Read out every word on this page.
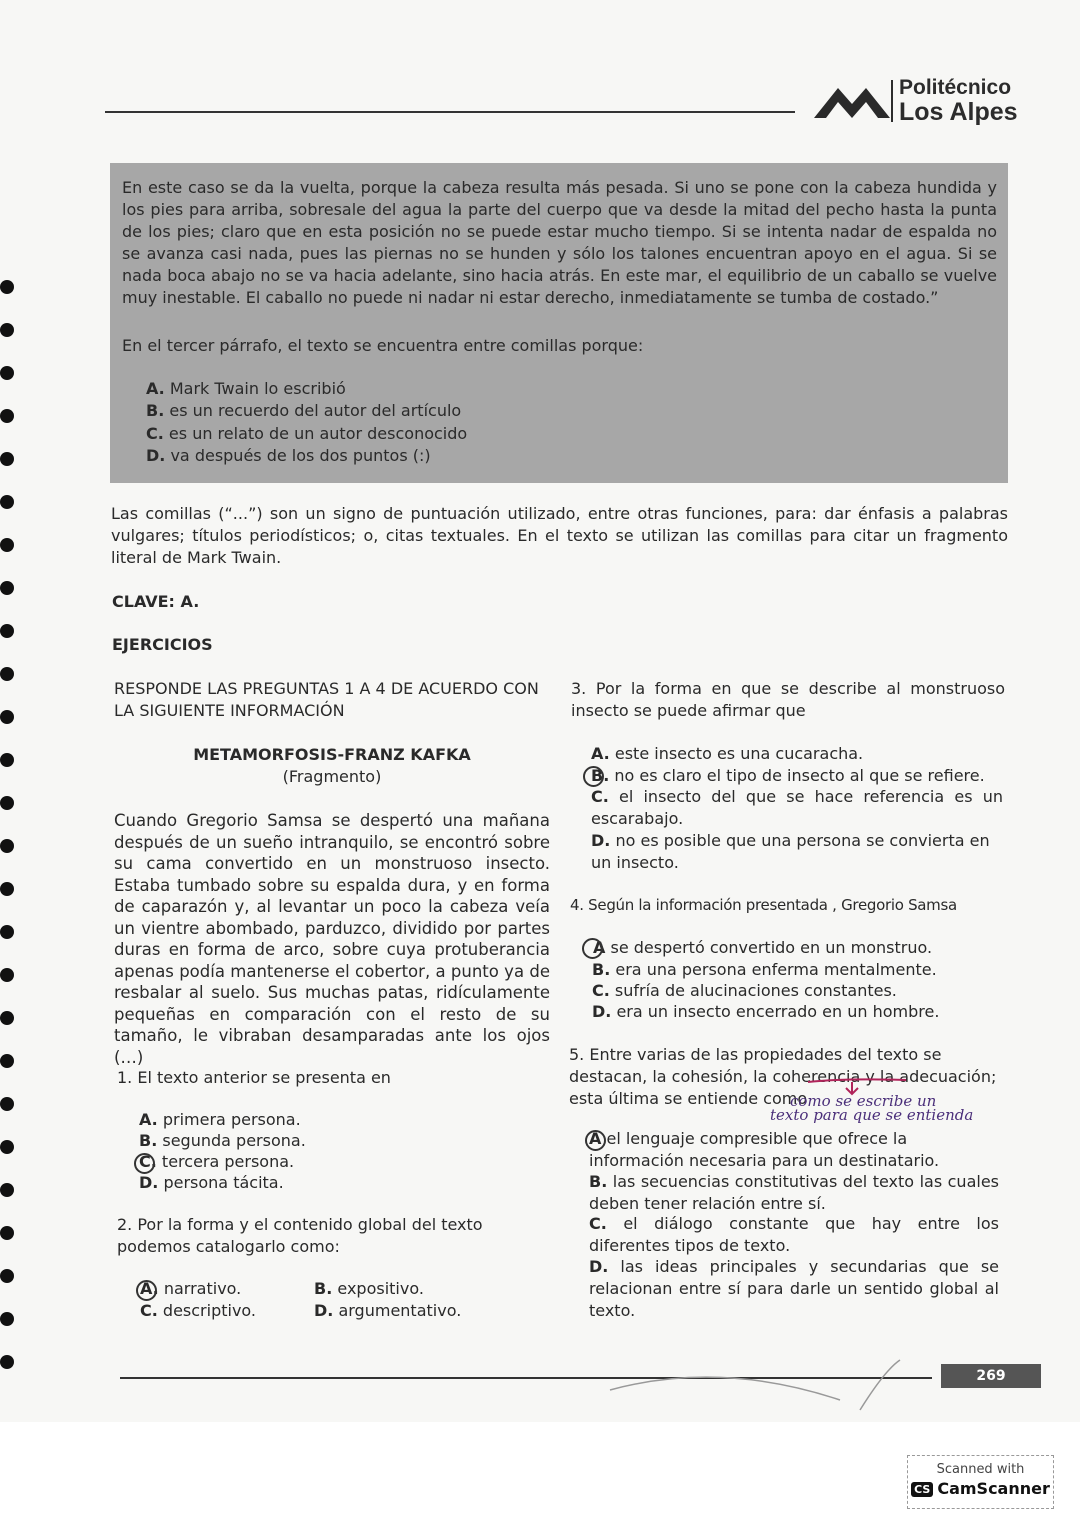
Politécnico
Los Alpes

En este caso se da la vuelta, porque la cabeza resulta más pesada. Si uno se pone con la cabeza hundida y los pies para arriba, sobresale del agua la parte del cuerpo que va desde la mitad del pecho hasta la punta de los pies; claro que en esta posición no se puede estar mucho tiempo. Si se intenta nadar de espalda no se avanza casi nada, pues las piernas no se hunden y sólo los talones encuentran apoyo en el agua. Si se nada boca abajo no se va hacia adelante, sino hacia atrás. En este mar, el equilibrio de un caballo se vuelve muy inestable. El caballo no puede ni nadar ni estar derecho, inmediatamente se tumba de costado.”

En el tercer párrafo, el texto se encuentra entre comillas porque:

A. Mark Twain lo escribió
B. es un recuerdo del autor del artículo
C. es un relato de un autor desconocido
D. va después de los dos puntos (:)

Las comillas (“...”) son un signo de puntuación utilizado, entre otras funciones, para: dar énfasis a palabras vulgares; títulos periodísticos; o, citas textuales. En el texto se utilizan las comillas para citar un fragmento literal de Mark Twain.

CLAVE: A.

EJERCICIOS

RESPONDE LAS PREGUNTAS 1 A 4 DE ACUERDO CON LA SIGUIENTE INFORMACIÓN

METAMORFOSIS-FRANZ KAFKA

(Fragmento)

Cuando Gregorio Samsa se despertó una mañana después de un sueño intranquilo, se encontró sobre su cama convertido en un monstruoso insecto. Estaba tumbado sobre su espalda dura, y en forma de caparazón y, al levantar un poco la cabeza veía un vientre abombado, parduzco, dividido por partes duras en forma de arco, sobre cuya protuberancia apenas podía mantenerse el cobertor, a punto ya de resbalar al suelo. Sus muchas patas, ridículamente pequeñas en comparación con el resto de su tamaño, le vibraban desamparadas ante los ojos (…)

1. El texto anterior se presenta en

A. primera persona.
B. segunda persona.
C. tercera persona.
D. persona tácita.

2. Por la forma y el contenido global del texto podemos catalogarlo como:

A. narrativo.	B. expositivo.
C. descriptivo.	D. argumentativo.

3. Por la forma en que se describe al monstruoso insecto se puede afirmar que

A. este insecto es una cucaracha.
B. no es claro el tipo de insecto al que se refiere.

C. el insecto del que se hace referencia es un escarabajo.

D. no es posible que una persona se convierta en un insecto.

4. Según la información presentada , Gregorio Samsa

A se despertó convertido en un monstruo.
B. era una persona enferma mentalmente.
C. sufría de alucinaciones constantes.
D. era un insecto encerrado en un hombre.

5. Entre varias de las propiedades del texto se destacan, la cohesión, la coherencia y la adecuación; esta última se entiende como

como se escribe un
texto para que se entienda

A el lenguaje compresible que ofrece la información necesaria para un destinatario.

B. las secuencias constitutivas del texto las cuales deben tener relación entre sí.

C. el diálogo constante que hay entre los diferentes tipos de texto.

D. las ideas principales y secundarias que se relacionan entre sí para darle un sentido global al texto.

269
Scanned with
CS CamScanner
